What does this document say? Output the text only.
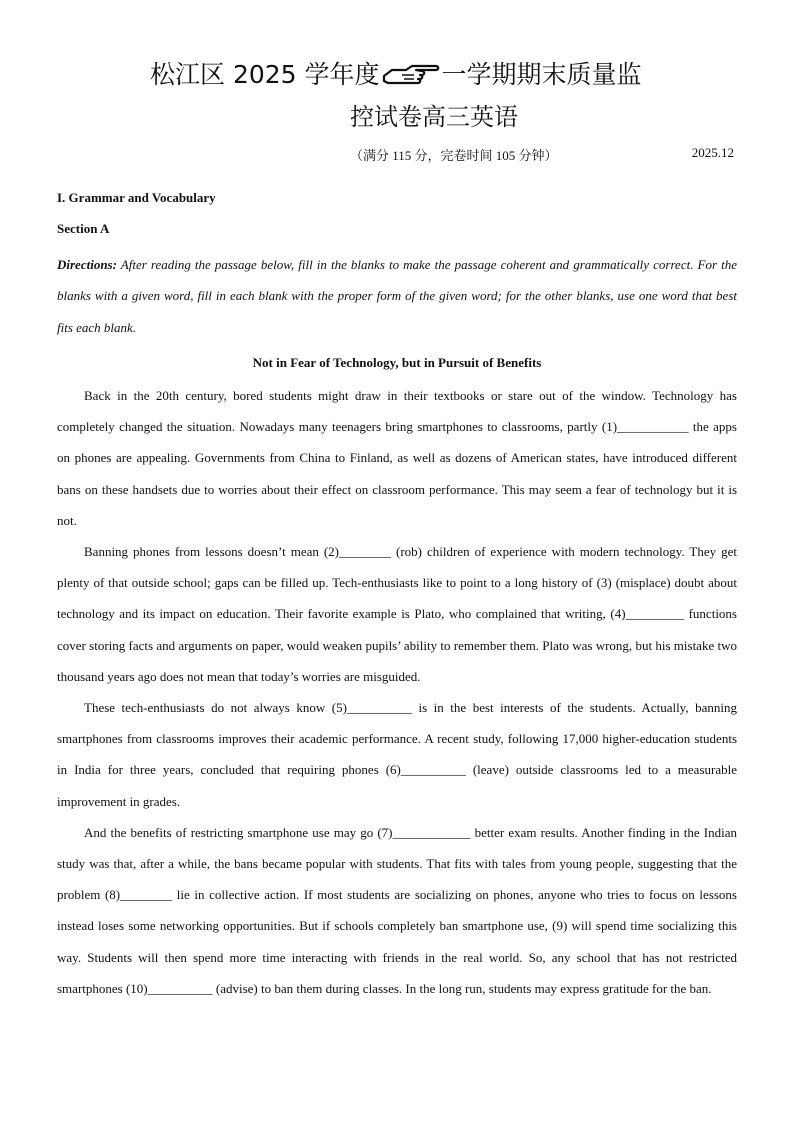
松江区 2025 学年度 一学期期末质量监
控试卷高三英语
（满分 115 分，完卷时间 105 分钟）	2025.12
I. Grammar and Vocabulary
Section A
Directions: After reading the passage below, fill in the blanks to make the passage coherent and grammatically correct. For the blanks with a given word, fill in each blank with the proper form of the given word; for the other blanks, use one word that best fits each blank.
Not in Fear of Technology, but in Pursuit of Benefits

Back in the 20th century, bored students might draw in their textbooks or stare out of the window. Technology has completely changed the situation. Nowadays many teenagers bring smartphones to classrooms, partly (1)___________ the apps on phones are appealing. Governments from China to Finland, as well as dozens of American states, have introduced different bans on these handsets due to worries about their effect on classroom performance. This may seem a fear of technology but it is not.

Banning phones from lessons doesn’t mean (2)________ (rob) children of experience with modern technology. They get plenty of that outside school; gaps can be filled up. Tech-enthusiasts like to point to a long history of (3) (misplace) doubt about technology and its impact on education. Their favorite example is Plato, who complained that writing, (4)_________ functions cover storing facts and arguments on paper, would weaken pupils’ ability to remember them. Plato was wrong, but his mistake two thousand years ago does not mean that today’s worries are misguided.

These tech-enthusiasts do not always know (5)__________ is in the best interests of the students. Actually, banning smartphones from classrooms improves their academic performance. A recent study, following 17,000 higher-education students in India for three years, concluded that requiring phones (6)__________ (leave) outside classrooms led to a measurable improvement in grades.

And the benefits of restricting smartphone use may go (7)____________ better exam results. Another finding in the Indian study was that, after a while, the bans became popular with students. That fits with tales from young people, suggesting that the problem (8)________ lie in collective action. If most students are socializing on phones, anyone who tries to focus on lessons instead loses some networking opportunities. But if schools completely ban smartphone use, (9) will spend time socializing this way. Students will then spend more time interacting with friends in the real world. So, any school that has not restricted smartphones (10)__________ (advise) to ban them during classes. In the long run, students may express gratitude for the ban.
